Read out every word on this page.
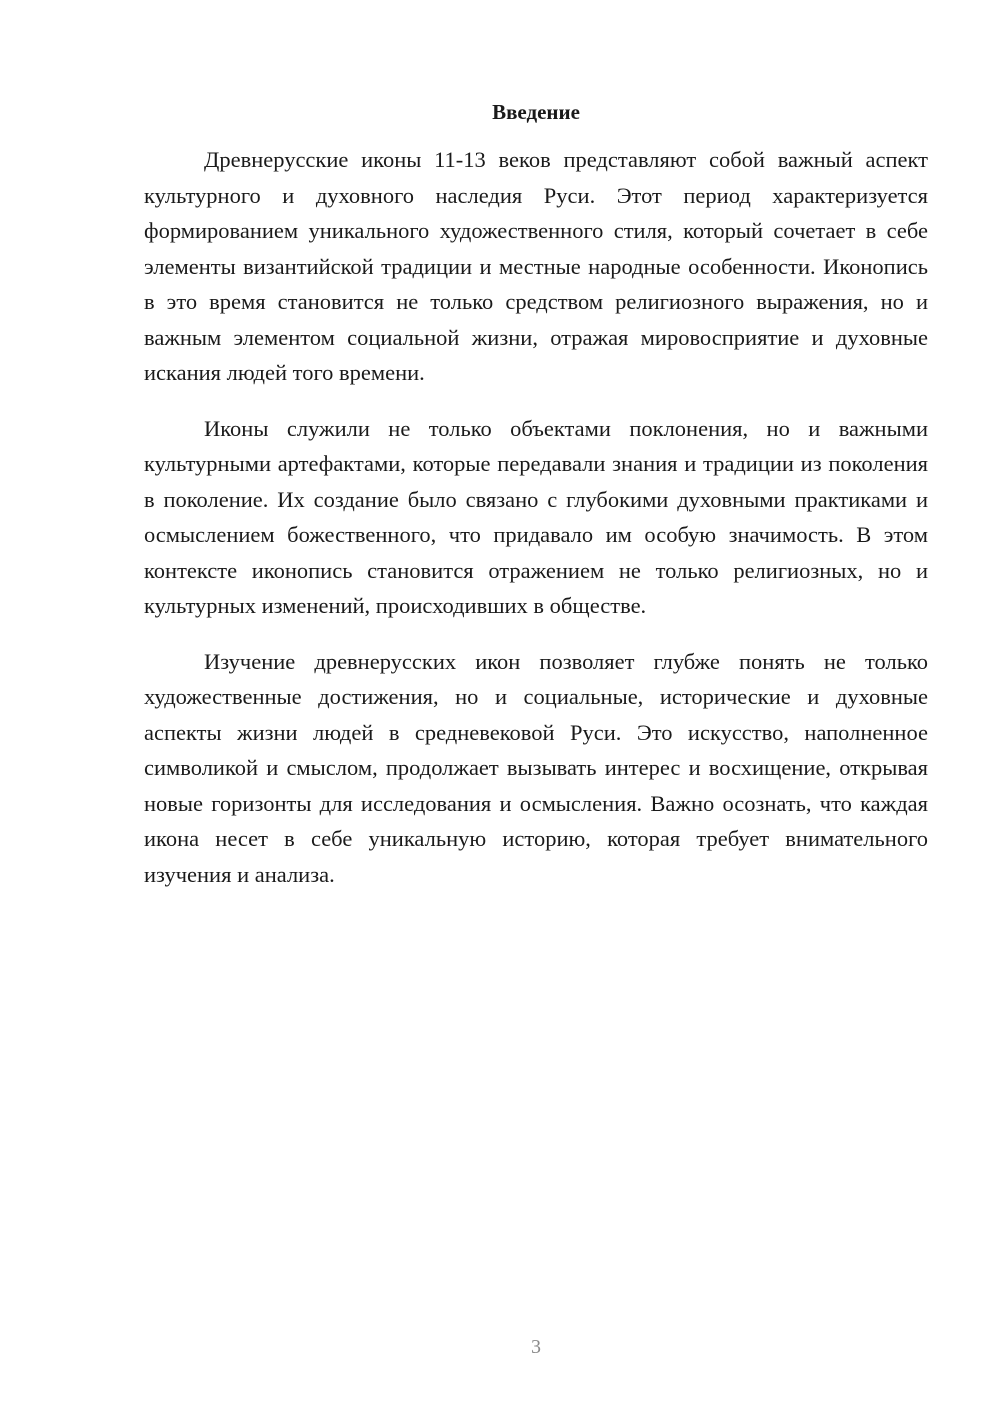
Введение

Древнерусские иконы 11-13 веков представляют собой важный аспект культурного и духовного наследия Руси. Этот период характеризуется формированием уникального художественного стиля, который сочетает в себе элементы византийской традиции и местные народные особенности. Иконопись в это время становится не только средством религиозного выражения, но и важным элементом социальной жизни, отражая мировосприятие и духовные искания людей того времени.

Иконы служили не только объектами поклонения, но и важными культурными артефактами, которые передавали знания и традиции из поколения в поколение. Их создание было связано с глубокими духовными практиками и осмыслением божественного, что придавало им особую значимость. В этом контексте иконопись становится отражением не только религиозных, но и культурных изменений, происходивших в обществе.

Изучение древнерусских икон позволяет глубже понять не только художественные достижения, но и социальные, исторические и духовные аспекты жизни людей в средневековой Руси. Это искусство, наполненное символикой и смыслом, продолжает вызывать интерес и восхищение, открывая новые горизонты для исследования и осмысления. Важно осознать, что каждая икона несет в себе уникальную историю, которая требует внимательного изучения и анализа.

3
